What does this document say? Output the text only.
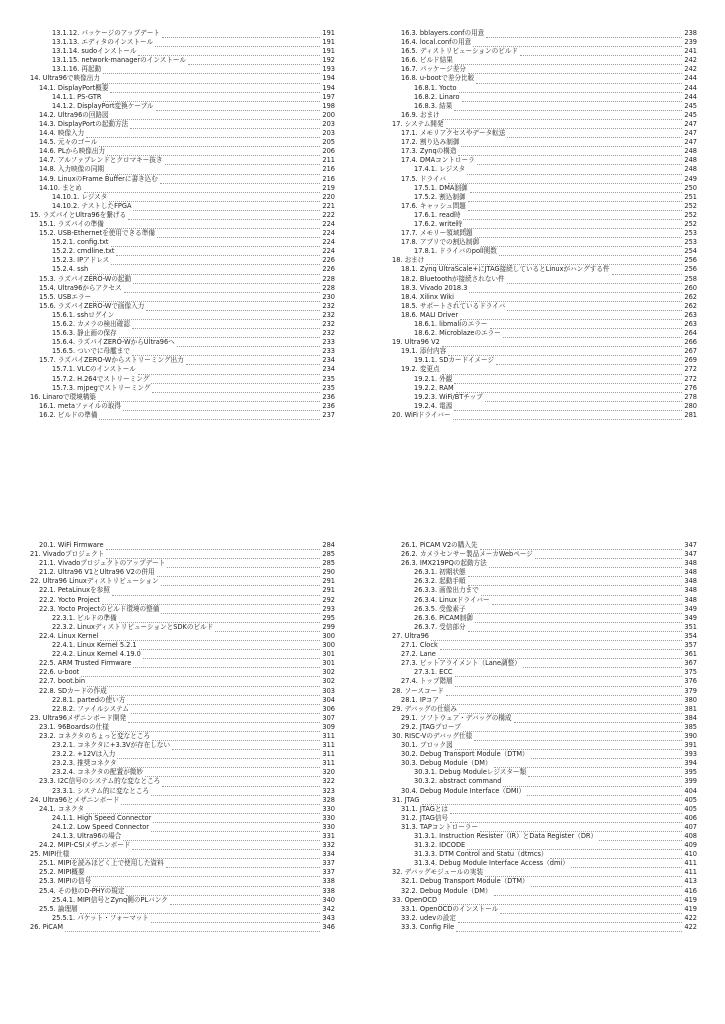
13.1.12. パッケージのアップデート	191
13.1.13. エディタのインストール	191
13.1.14. sudoインストール	191
13.1.15. network-managerのインストール	192
13.1.16. 再起動	193
14. Ultra96で映像出力	194
14.1. DisplayPort概要	194
14.1.1. PS-GTR	197
14.1.2. DisplayPort変換ケーブル	198
14.2. Ultra96の回路図	200
14.3. DisplayPortの起動方法	203
14.4. 映像入力	203
14.5. 元々のゴール	205
14.6. PLから映像出力	206
14.7. アルファブレンドとクロマキー抜き	211
14.8. 入力映像の同期	216
14.9. LinuxのFrame Bufferに書き込む	216
14.10. まとめ	219
14.10.1. レジスタ	220
14.10.2. テストしたFPGA	221
15. ラズパイとUltra96を繋げる	222
15.1. ラズパイの準備	224
15.2. USB-Ethernetを使用できる準備	224
15.2.1. config.txt	224
15.2.2. cmdline.txt	224
15.2.3. IPアドレス	226
15.2.4. ssh	226
15.3. ラズパイZERO-Wの起動	228
15.4. Ultra96からアクセス	228
15.5. USBエラー	230
15.6. ラズパイZERO-Wで画像入力	232
15.6.1. sshログイン	232
15.6.2. カメラの検出確認	232
15.6.3. 静止画の保存	232
15.6.4. ラズパイZERO-WからUltra96へ	233
15.6.5. ついでに母艦まで	233
15.7. ラズパイZERO-Wからストリーミング出力	234
15.7.1. VLCのインストール	234
15.7.2. H.264でストリーミング	235
15.7.3. mjpegでストリーミング	235
16. Linaroで環境構築	236
16.1. metaファイルの取得	236
16.2. ビルドの準備	237
16.3. bblayers.confの用意	238
16.4. local.confの用意	239
16.5. ディストリビューションのビルド	241
16.6. ビルド結果	242
16.7. パッケージ差分	242
16.8. u-bootで差分比較	244
16.8.1. Yocto	244
16.8.2. Linaro	244
16.8.3. 結果	245
16.9. おまけ	245
17. システム開発	247
17.1. メモリアクセスやデータ転送	247
17.2. 割り込み制御	247
17.3. Zynqの構造	248
17.4. DMAコントローラ	248
17.4.1. レジスタ	248
17.5. ドライバ	249
17.5.1. DMA制御	250
17.5.2. 割込制御	251
17.6. キャッシュ問題	252
17.6.1. read時	252
17.6.2. write時	252
17.7. メモリー領域問題	253
17.8. アプリでの割込制御	253
17.8.1. ドライバのpoll関数	254
18. おまけ	256
18.1. Zynq UltraScale+にJTAG接続しているとLinuxがハングする件	256
18.2. Bluetoothが接続されない件	258
18.3. Vivado 2018.3	260
18.4. Xilinx Wiki	262
18.5. サポートされているドライバ	262
18.6. MALI Driver	263
18.6.1. libmaliのエラー	263
18.6.2. Microblazeのエラー	264
19. Ultra96 V2	266
19.1. 添付内容	267
19.1.1. SDカードイメージ	269
19.2. 変更点	272
19.2.1. 外観	272
19.2.2. RAM	276
19.2.3. WiFi/BTチップ	278
19.2.4. 電源	280
20. WiFiドライバー	281
20.1. WiFi Firmware	284
21. Vivadoプロジェクト	285
21.1. Vivadoプロジェクトのアップデート	285
21.2. Ultra96 V1とUltra96 V2の併用	290
22. Ultra96 Linuxディストリビューション	291
22.1. PetaLinuxを参照	291
22.2. Yocto Project	292
22.3. Yocto Projectのビルド環境の整備	293
22.3.1. ビルドの準備	295
22.3.2. LinuxディストリビューションとSDKのビルド	299
22.4. Linux Kernel	300
22.4.1. Linux Kernel 5.2.1	300
22.4.2. Linux Kernel 4.19.0	301
22.5. ARM Trusted Firmware	301
22.6. u-boot	302
22.7. boot.bin	302
22.8. SDカードの作成	303
22.8.1. partedの使い方	304
22.8.2. ファイルシステム	306
23. Ultra96メザニンボード開発	307
23.1. 96Boardsの仕様	309
23.2. コネクタのちょっと変なところ	311
23.2.1. コネクタに+3.3Vが存在しない	311
23.2.2. +12Vは入力	311
23.2.3. 推奨コネクタ	311
23.2.4. コネクタの配置が微妙	320
23.3. I2C信号のシステム的な変なところ	322
23.3.1. システム的に変なところ	323
24. Ultra96とメザニンボード	328
24.1. コネクタ	330
24.1.1. High Speed Connector	330
24.1.2. Low Speed Connector	330
24.1.3. Ultra96の場合	331
24.2. MIPI-CSIメザニンボード	332
25. MIPI仕様	334
25.1. MIPIを読みほどく上で使用した資料	337
25.2. MIPI概要	337
25.3. MIPIの信号	338
25.4. その他のD-PHYの規定	338
25.4.1. MIPI信号とZynq側のPLバンク	340
25.5. 論理層	342
25.5.1. パケット・フォーマット	343
26. PiCAM	346
26.1. PiCAM V2の購入先	347
26.2. カメラセンサー製品メーカWebページ	347
26.3. IMX219PQの起動方法	348
26.3.1. 初期状態	348
26.3.2. 起動手順	348
26.3.3. 画像出力まで	348
26.3.4. Linuxドライバー	348
26.3.5. 受像素子	349
26.3.6. PiCAM制御	349
26.3.7. 受信部分	351
27. Ultra96	354
27.1. Clock	357
27.2. Lane	361
27.3. ビットアライメント（Lane調整）	367
27.3.1. ECC	375
27.4. トップ階層	376
28. ソースコード	379
28.1. IPコア	380
29. デバッグの仕組み	381
29.1. ソフトウェア・デバッグの構成	384
29.2. JTAGプローブ	385
30. RISC-Vのデバッグ仕様	390
30.1. ブロック図	391
30.2. Debug Transport Module（DTM）	393
30.3. Debug Module（DM）	394
30.3.1. Debug Moduleレジスター類	395
30.3.2. abstract command	399
30.4. Debug Module Interface（DMI）	404
31. JTAG	405
31.1. JTAGとは	405
31.2. JTAG信号	406
31.3. TAPコントローラー	407
31.3.1. Instruction Resister（IR）とData Register（DR）	408
31.3.2. IDCODE	409
31.3.3. DTM Control and Statu（dtmcs）	410
31.3.4. Debug Module Interface Access（dmi）	411
32. デバッグモジュールの実装	411
32.1. Debug Transport Module（DTM）	413
32.2. Debug Module（DM）	416
33. OpenOCD	419
33.1. OpenOCDのインストール	419
33.2. udevの設定	422
33.3. Config File	422
